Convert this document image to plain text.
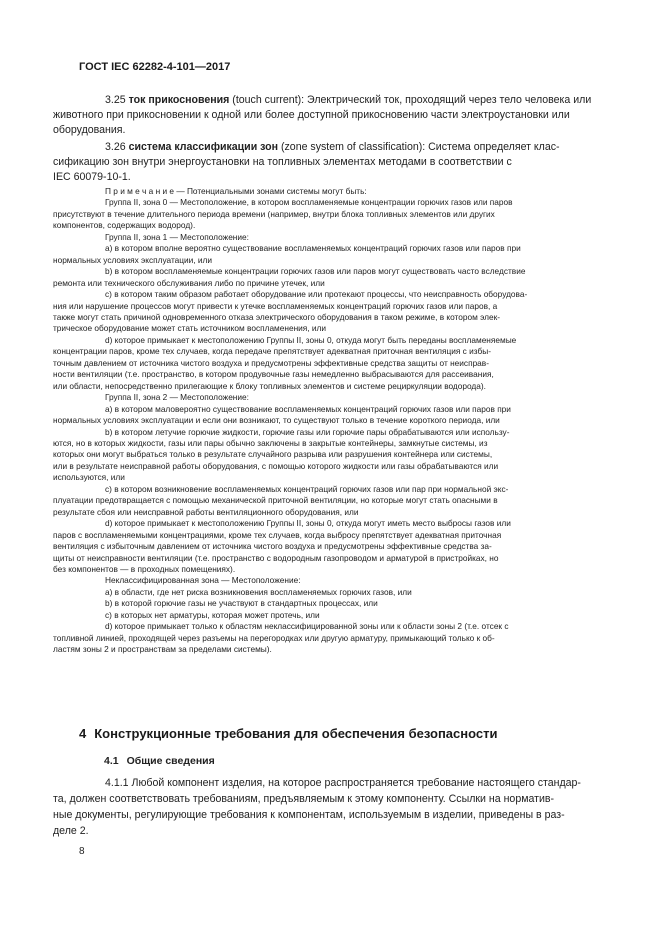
ГОСТ IEC 62282-4-101—2017

3.25 ток прикосновения (touch current): Электрический ток, проходящий через тело человека или
животного при прикосновении к одной или более доступной прикосновению части электроустановки или
оборудования.

3.26 система классификации зон (zone system of classification): Система определяет клас-
сификацию зон внутри энергоустановки на топливных элементах методами в соответствии с
IEC 60079-10-1.

П р и м е ч а н и е — Потенциальными зонами системы могут быть:

Группа II, зона 0 — Местоположение, в котором воспламеняемые концентрации горючих газов или паров
присутствуют в течение длительного периода времени (например, внутри блока топливных элементов или других
компонентов, содержащих водород).

Группа II, зона 1 — Местоположение:

а) в котором вполне вероятно существование воспламеняемых концентраций горючих газов или паров при
нормальных условиях эксплуатации, или

b) в котором воспламеняемые концентрации горючих газов или паров могут существовать часто вследствие
ремонта или технического обслуживания либо по причине утечек, или

c) в котором таким образом работает оборудование или протекают процессы, что неисправность оборудова-
ния или нарушение процессов могут привести к утечке воспламеняемых концентраций горючих газов или паров, а
также могут стать причиной одновременного отказа электрического оборудования в таком режиме, в котором элек-
трическое оборудование может стать источником воспламенения, или

d) которое примыкает к местоположению Группы II, зоны 0, откуда могут быть переданы воспламеняемые
концентрации паров, кроме тех случаев, когда передаче препятствует адекватная приточная вентиляция с избы-
точным давлением от источника чистого воздуха и предусмотрены эффективные средства защиты от неисправ-
ности вентиляции (т.е. пространство, в котором продувочные газы немедленно выбрасываются для рассеивания,
или области, непосредственно прилегающие к блоку топливных элементов и системе рециркуляции водорода).

Группа II, зона 2 — Местоположение:

а) в котором маловероятно существование воспламеняемых концентраций горючих газов или паров при
нормальных условиях эксплуатации и если они возникают, то существуют только в течение короткого периода, или

b) в котором летучие горючие жидкости, горючие газы или горючие пары обрабатываются или использу-
ются, но в которых жидкости, газы или пары обычно заключены в закрытые контейнеры, замкнутые системы, из
которых они могут выбраться только в результате случайного разрыва или разрушения контейнера или системы,
или в результате неисправной работы оборудования, с помощью которого жидкости или газы обрабатываются или
используются, или

c) в котором возникновение воспламеняемых концентраций горючих газов или пар при нормальной экс-
плуатации предотвращается с помощью механической приточной вентиляции, но которые могут стать опасными в
результате сбоя или неисправной работы вентиляционного оборудования, или

d) которое примыкает к местоположению Группы II, зоны 0, откуда могут иметь место выбросы газов или
паров с воспламеняемыми концентрациями, кроме тех случаев, когда выбросу препятствует адекватная приточная
вентиляция с избыточным давлением от источника чистого воздуха и предусмотрены эффективные средства за-
щиты от неисправности вентиляции (т.е. пространство с водородным газопроводом и арматурой в пристройках, но
без компонентов — в проходных помещениях).

Неклассифицированная зона — Местоположение:

а) в области, где нет риска возникновения воспламеняемых горючих газов, или

b) в которой горючие газы не участвуют в стандартных процессах, или

c) в которых нет арматуры, которая может протечь, или

d) которое примыкает только к областям неклассифицированной зоны или к области зоны 2 (т.е. отсек с
топливной линией, проходящей через разъемы на перегородках или другую арматуру, примыкающий только к об-
ластям зоны 2 и пространствам за пределами системы).

4 Конструкционные требования для обеспечения безопасности
4.1 Общие сведения

4.1.1 Любой компонент изделия, на которое распространяется требование настоящего стандар-
та, должен соответствовать требованиям, предъявляемым к этому компоненту. Ссылки на норматив-
ные документы, регулирующие требования к компонентам, используемым в изделии, приведены в раз-
деле 2.

8
